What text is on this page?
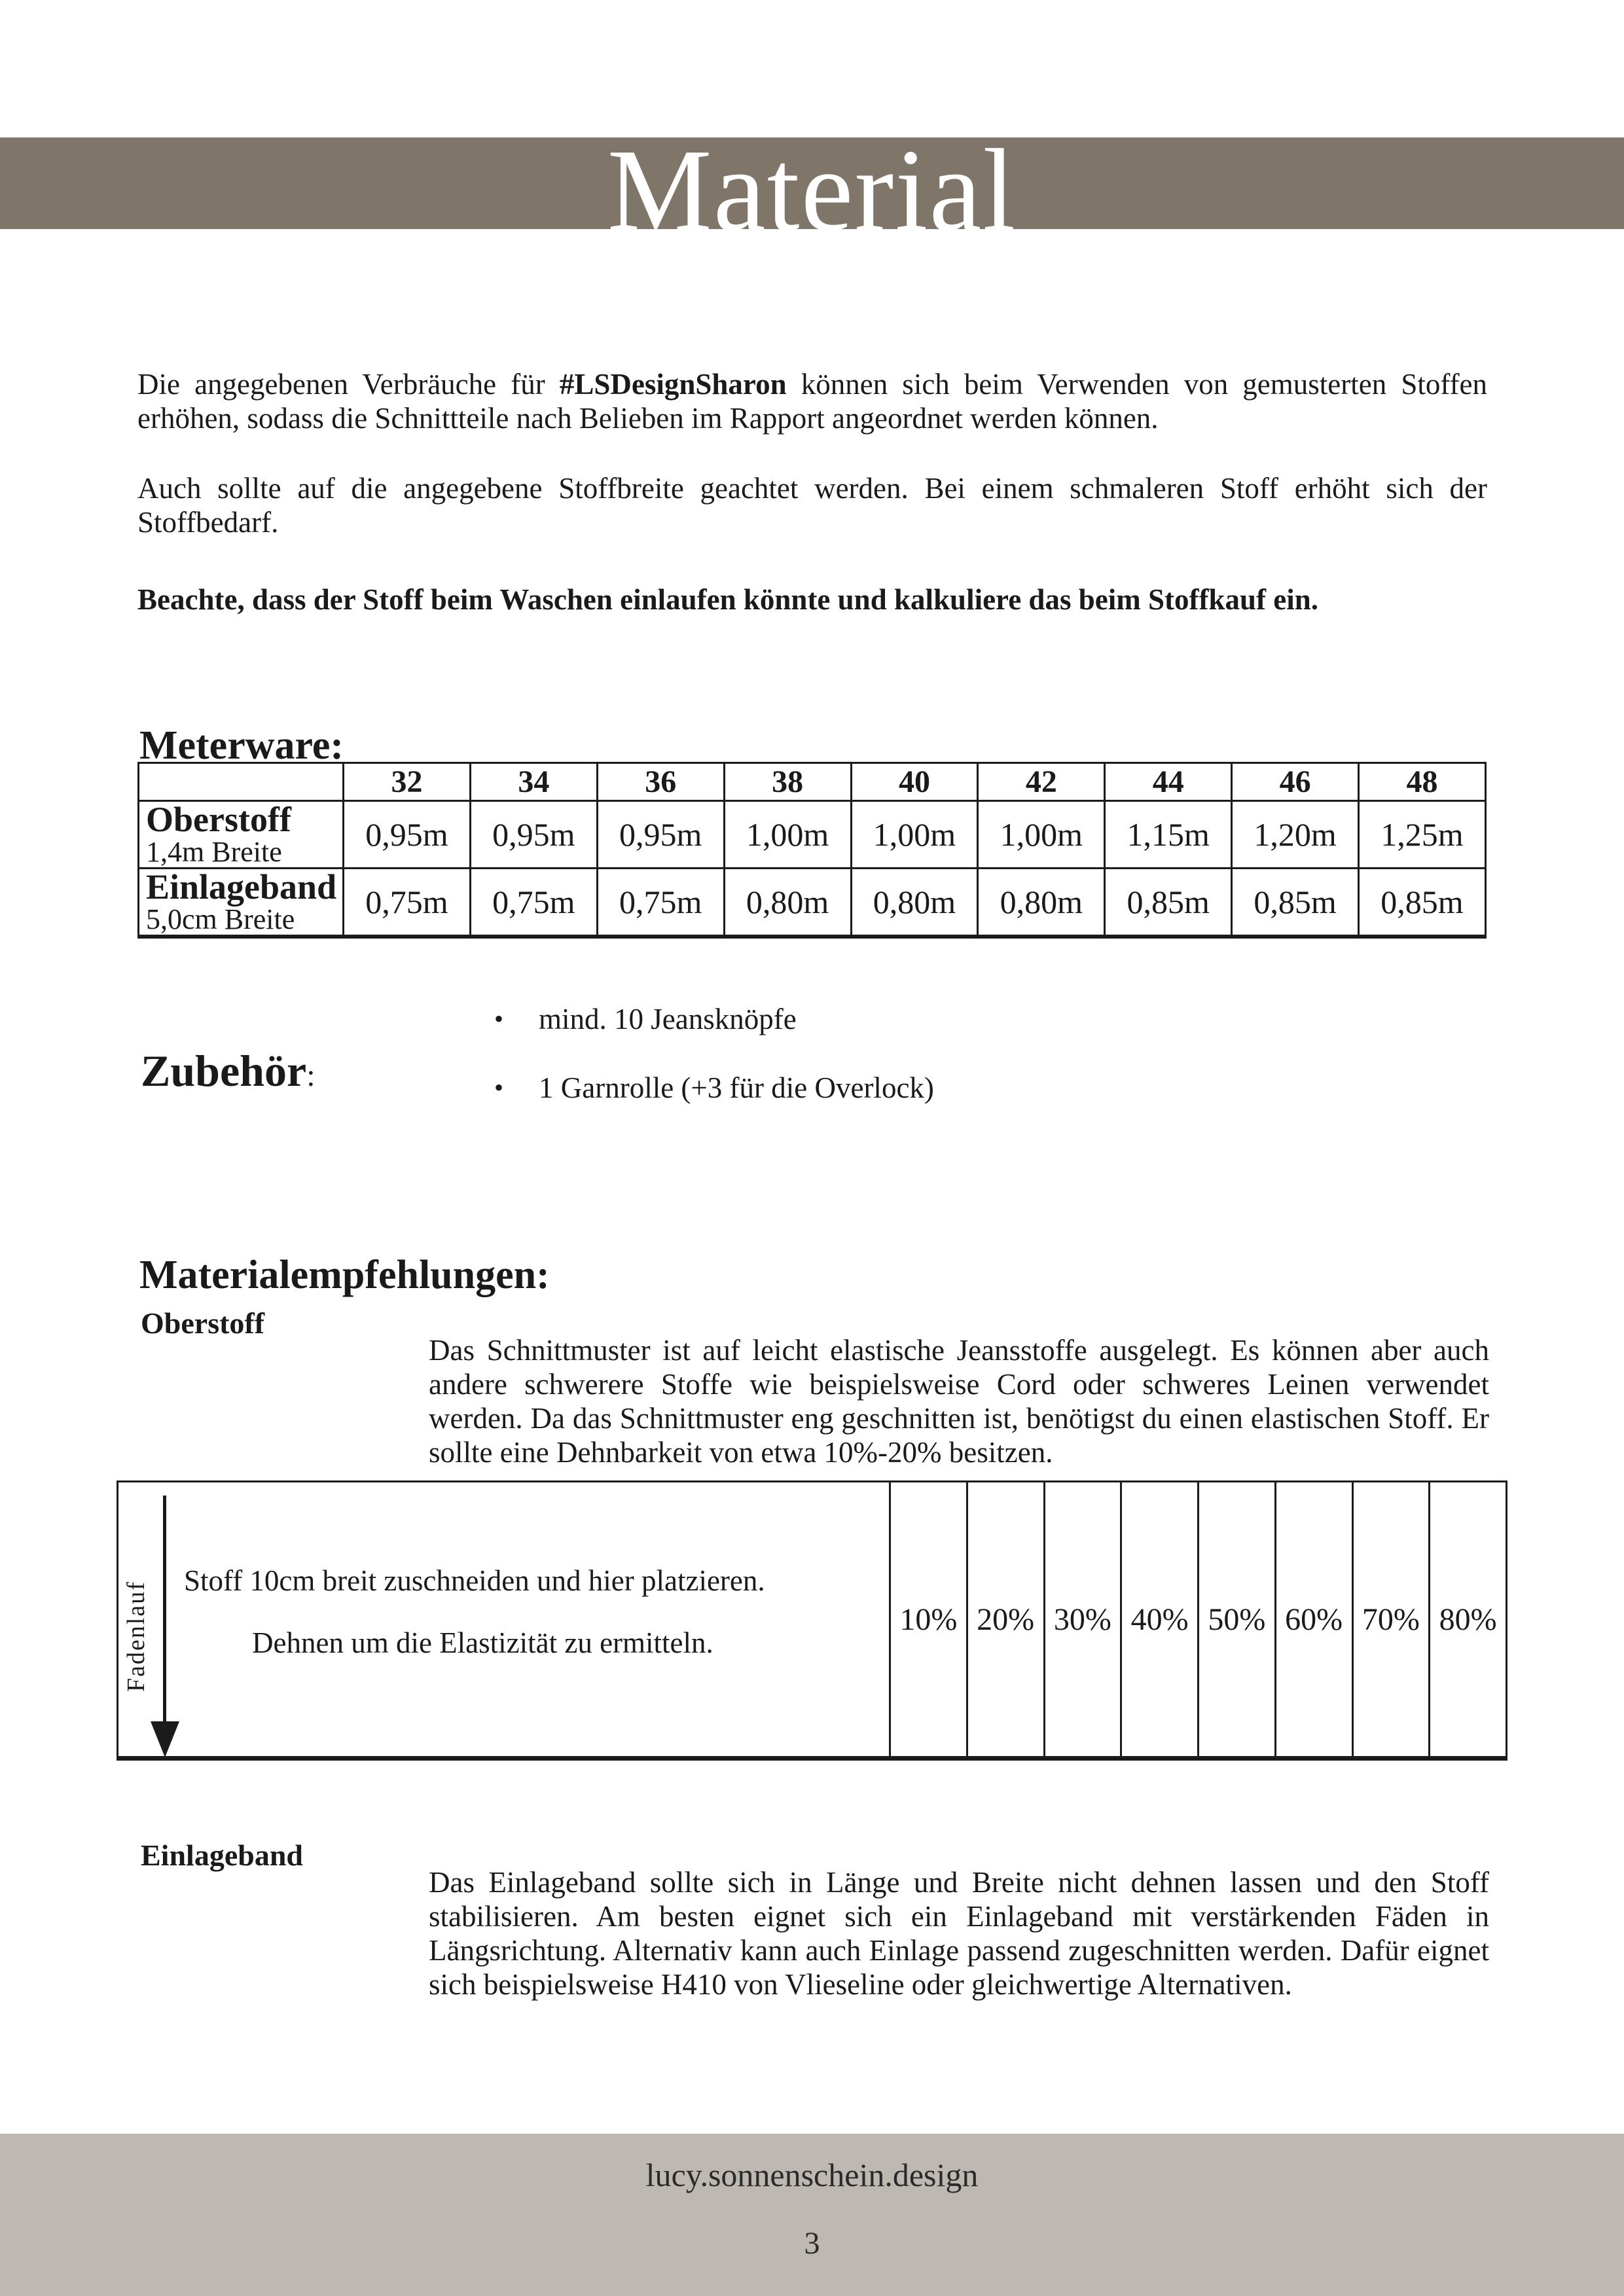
Material

Die angegebenen Verbräuche für #LSDesignSharon können sich beim Verwenden von gemusterten Stoffen erhöhen, sodass die Schnittteile nach Belieben im Rapport angeordnet werden können.

Auch sollte auf die angegebene Stoffbreite geachtet werden. Bei einem schmaleren Stoff erhöht sich der Stoffbedarf.

Beachte, dass der Stoff beim Waschen einlaufen könnte und kalkuliere das beim Stoffkauf ein.

Meterware:
	32	34	36	38	40	42	44	46	48

Oberstoff
1,4m Breite	0,95m	0,95m	0,95m	1,00m	1,00m	1,00m	1,15m	1,20m	1,25m

Einlageband
5,0cm Breite	0,75m	0,75m	0,75m	0,80m	0,80m	0,80m	0,85m	0,85m	0,85m
Zubehör:
•	mind. 10 Jeansknöpfe
•	1 Garnrolle (+3 für die Overlock)
Materialempfehlungen:
Oberstoff

Das Schnittmuster ist auf leicht elastische Jeansstoffe ausgelegt. Es können aber auch andere schwerere Stoffe wie beispielsweise Cord oder schweres Leinen verwendet werden. Da das Schnittmuster eng geschnitten ist, benötigst du einen elastischen Stoff. Er sollte eine Dehnbarkeit von etwa 10%-20% besitzen.

Fadenlauf
Stoff 10cm breit zuschneiden und hier platzieren.
Dehnen um die Elastizität zu ermitteln.
10% 20% 30% 40% 50% 60% 70% 80%
Einlageband

Das Einlageband sollte sich in Länge und Breite nicht dehnen lassen und den Stoff stabilisieren. Am besten eignet sich ein Einlageband mit verstärkenden Fäden in Längsrichtung. Alternativ kann auch Einlage passend zugeschnitten werden. Dafür eignet sich beispielsweise H410 von Vlieseline oder gleichwertige Alternativen.

lucy.sonnenschein.design
3
